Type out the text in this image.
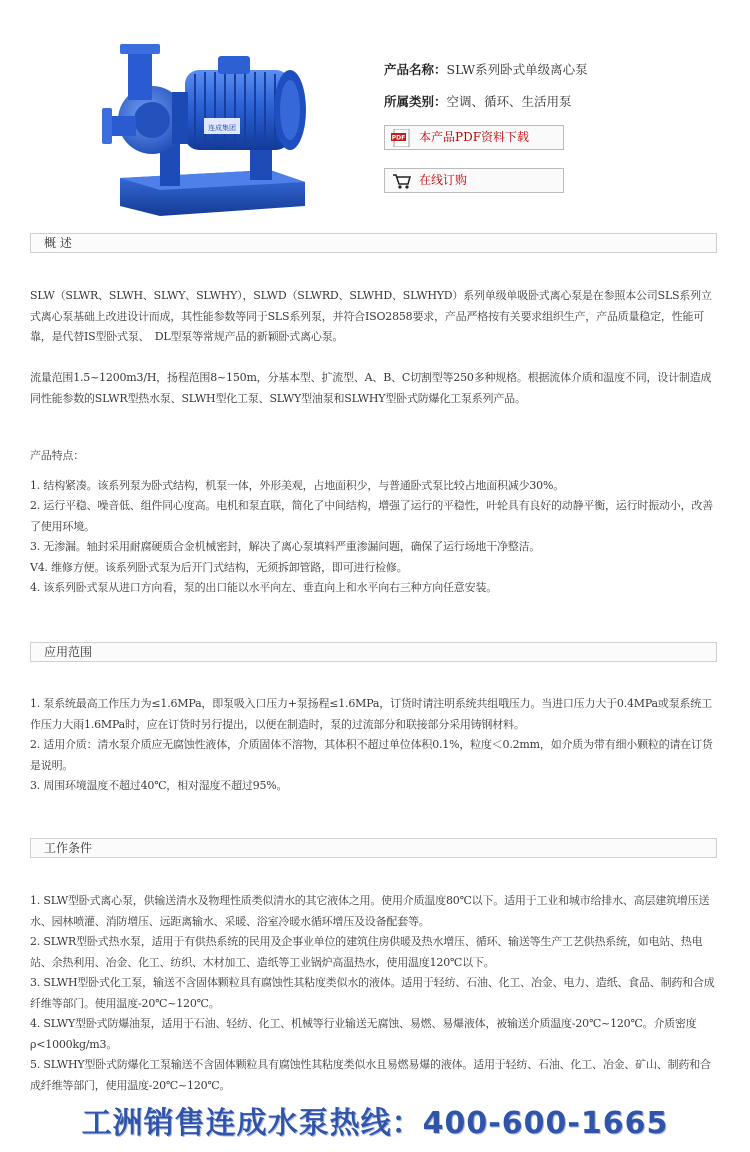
连成集团
产品名称：SLW系列卧式单级离心泵
所属类别：空调、循环、生活用泵
PDF 本产品PDF资料下载
在线订购
概 述

SLW（SLWR、SLWH、SLWY、SLWHY），SLWD（SLWRD、SLWHD、SLWHYD）系列单级单吸卧式离心泵是在参照本公司SLS系列立式离心泵基础上改进设计而成，其性能参数等同于SLS系列泵，并符合ISO2858要求，产品严格按有关要求组织生产，产品质量稳定，性能可靠，是代替IS型卧式泵、　DL型泵等常规产品的新颖卧式离心泵。

流量范围1.5~1200m3/H，扬程范围8~150m，分基本型、扩流型、A、B、C切割型等250多种规格。根据流体介质和温度不同，设计制造成同性能参数的SLWR型热水泵、SLWH型化工泵、SLWY型油泵和SLWHY型卧式防爆化工泵系列产品。

产品特点：

1. 结构紧凑。该系列泵为卧式结构，机泵一体，外形美观，占地面积少，与普通卧式泵比较占地面积减少30%。

2. 运行平稳、噪音低、组件同心度高。电机和泵直联，简化了中间结构，增强了运行的平稳性，叶轮具有良好的动静平衡，运行时振动小，改善了使用环境。

3. 无渗漏。轴封采用耐腐硬质合金机械密封，解决了离心泵填料严重渗漏问题，确保了运行场地干净整洁。

V4. 维修方便。该系列卧式泵为后开门式结构，无须拆卸管路，即可进行检修。

4. 该系列卧式泵从进口方向看，泵的出口能以水平向左、垂直向上和水平向右三种方向任意安装。

应用范围

1. 泵系统最高工作压力为≤1.6MPa，即泵吸入口压力+泵扬程≤1.6MPa，订货时请注明系统共组哦压力。当进口压力大于0.4MPa或泵系统工作压力大雨1.6MPa时，应在订货时另行提出，以便在制造时，泵的过流部分和联接部分采用铸钢材料。

2. 适用介质：清水泵介质应无腐蚀性液体，介质固体不溶物，其体积不超过单位体积0.1%，粒度＜0.2mm，如介质为带有细小颗粒的请在订货是说明。

3. 周围环境温度不超过40℃，相对湿度不超过95%。

工作条件

1. SLW型卧式离心泵，供输送清水及物理性质类似清水的其它液体之用。使用介质温度80℃以下。适用于工业和城市给排水、高层建筑增压送水、园林喷灌、消防增压、远距离输水、采暖、浴室冷暖水循环增压及设备配套等。

2. SLWR型卧式热水泵，适用于有供热系统的民用及企事业单位的建筑住房供暖及热水增压、循环、输送等生产工艺供热系统，如电站、热电站、余热利用、冶金、化工、纺织、木材加工、造纸等工业锅炉高温热水，使用温度120℃以下。

3. SLWH型卧式化工泵，输送不含固体颗粒具有腐蚀性其粘度类似水的液体。适用于轻纺、石油、化工、冶金、电力、造纸、食品、制药和合成纤维等部门。使用温度-20℃~120℃。

4. SLWY型卧式防爆油泵，适用于石油、轻纺、化工、机械等行业输送无腐蚀、易燃、易爆液体，被输送介质温度-20℃~120℃。介质密度ρ<1000kg/m3。

5. SLWHY型卧式防爆化工泵输送不含固体颗粒具有腐蚀性其粘度类似水且易燃易爆的液体。适用于轻纺、石油、化工、冶金、矿山、制药和合成纤维等部门，使用温度-20℃~120℃。

工洲销售连成水泵热线：400-600-1665
